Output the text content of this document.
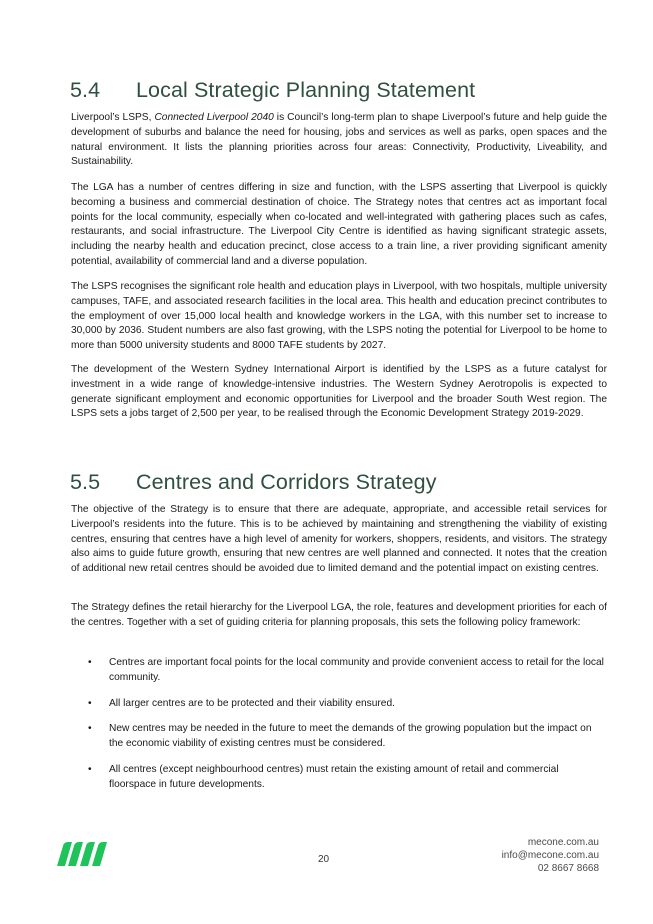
5.4 Local Strategic Planning Statement

Liverpool’s LSPS, Connected Liverpool 2040 is Council’s long-term plan to shape Liverpool’s future and help guide the development of suburbs and balance the need for housing, jobs and services as well as parks, open spaces and the natural environment. It lists the planning priorities across four areas: Connectivity, Productivity, Liveability, and Sustainability.

The LGA has a number of centres differing in size and function, with the LSPS asserting that Liverpool is quickly becoming a business and commercial destination of choice. The Strategy notes that centres act as important focal points for the local community, especially when co-located and well-integrated with gathering places such as cafes, restaurants, and social infrastructure. The Liverpool City Centre is identified as having significant strategic assets, including the nearby health and education precinct, close access to a train line, a river providing significant amenity potential, availability of commercial land and a diverse population.

The LSPS recognises the significant role health and education plays in Liverpool, with two hospitals, multiple university campuses, TAFE, and associated research facilities in the local area. This health and education precinct contributes to the employment of over 15,000 local health and knowledge workers in the LGA, with this number set to increase to 30,000 by 2036. Student numbers are also fast growing, with the LSPS noting the potential for Liverpool to be home to more than 5000 university students and 8000 TAFE students by 2027.

The development of the Western Sydney International Airport is identified by the LSPS as a future catalyst for investment in a wide range of knowledge-intensive industries. The Western Sydney Aerotropolis is expected to generate significant employment and economic opportunities for Liverpool and the broader South West region. The LSPS sets a jobs target of 2,500 per year, to be realised through the Economic Development Strategy 2019-2029.

5.5 Centres and Corridors Strategy

The objective of the Strategy is to ensure that there are adequate, appropriate, and accessible retail services for Liverpool’s residents into the future. This is to be achieved by maintaining and strengthening the viability of existing centres, ensuring that centres have a high level of amenity for workers, shoppers, residents, and visitors. The strategy also aims to guide future growth, ensuring that new centres are well planned and connected. It notes that the creation of additional new retail centres should be avoided due to limited demand and the potential impact on existing centres.

The Strategy defines the retail hierarchy for the Liverpool LGA, the role, features and development priorities for each of the centres. Together with a set of guiding criteria for planning proposals, this sets the following policy framework:

• Centres are important focal points for the local community and provide convenient access to retail for the local community.
• All larger centres are to be protected and their viability ensured.
• New centres may be needed in the future to meet the demands of the growing population but the impact on the economic viability of existing centres must be considered.
• All centres (except neighbourhood centres) must retain the existing amount of retail and commercial floorspace in future developments.
20
mecone.com.au
info@mecone.com.au
02 8667 8668
